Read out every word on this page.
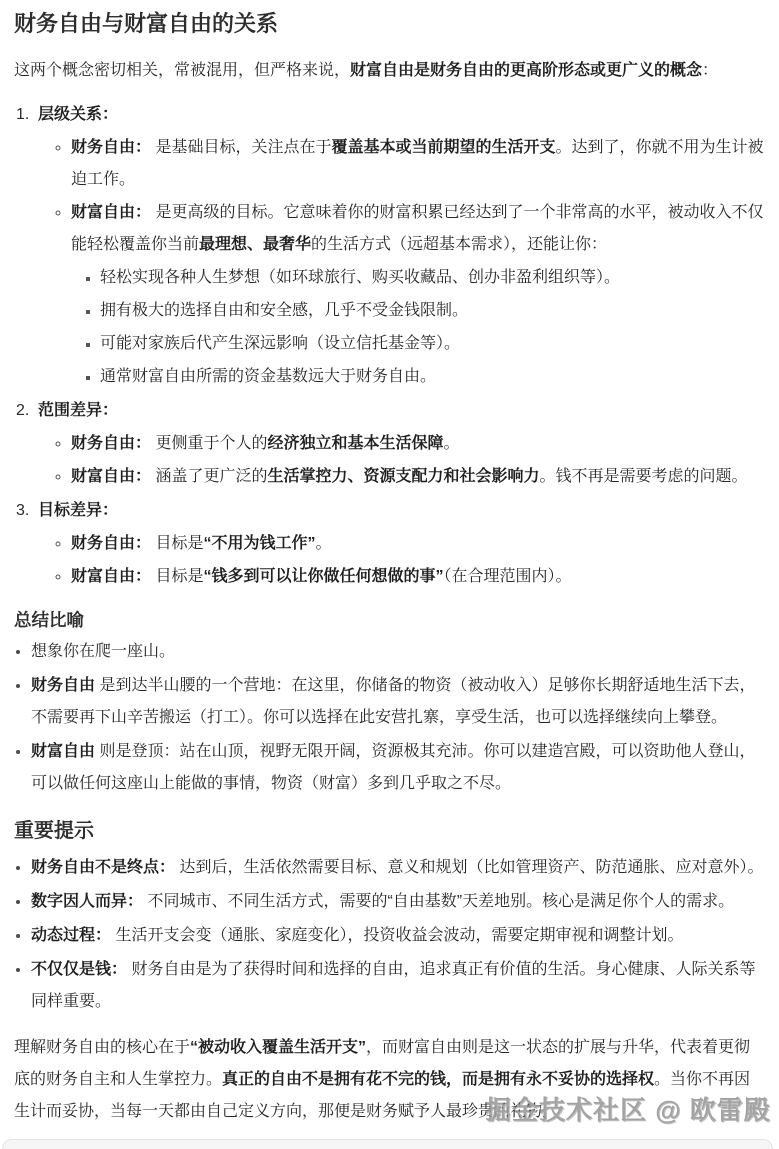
财务自由与财富自由的关系

这两个概念密切相关，常被混用，但严格来说，财富自由是财务自由的更高阶形态或更广义的概念：

1. 层级关系：
◦ 财务自由： 是基础目标，关注点在于覆盖基本或当前期望的生活开支。达到了，你就不用为生计被迫工作。
◦ 财富自由： 是更高级的目标。它意味着你的财富积累已经达到了一个非常高的水平，被动收入不仅能轻松覆盖你当前最理想、最奢华的生活方式（远超基本需求），还能让你：
▪ 轻松实现各种人生梦想（如环球旅行、购买收藏品、创办非盈利组织等）。
▪ 拥有极大的选择自由和安全感，几乎不受金钱限制。
▪ 可能对家族后代产生深远影响（设立信托基金等）。
▪ 通常财富自由所需的资金基数远大于财务自由。
2. 范围差异：
◦ 财务自由： 更侧重于个人的经济独立和基本生活保障。
◦ 财富自由： 涵盖了更广泛的生活掌控力、资源支配力和社会影响力。钱不再是需要考虑的问题。
3. 目标差异：
◦ 财务自由： 目标是“不用为钱工作”。
◦ 财富自由： 目标是“钱多到可以让你做任何想做的事”（在合理范围内）。
总结比喻
• 想象你在爬一座山。
• 财务自由 是到达半山腰的一个营地：在这里，你储备的物资（被动收入）足够你长期舒适地生活下去，不需要再下山辛苦搬运（打工）。你可以选择在此安营扎寨，享受生活，也可以选择继续向上攀登。
• 财富自由 则是登顶：站在山顶，视野无限开阔，资源极其充沛。你可以建造宫殿，可以资助他人登山，可以做任何这座山上能做的事情，物资（财富）多到几乎取之不尽。
重要提示
• 财务自由不是终点： 达到后，生活依然需要目标、意义和规划（比如管理资产、防范通胀、应对意外）。
• 数字因人而异： 不同城市、不同生活方式，需要的“自由基数”天差地别。核心是满足你个人的需求。
• 动态过程： 生活开支会变（通胀、家庭变化），投资收益会波动，需要定期审视和调整计划。
• 不仅仅是钱： 财务自由是为了获得时间和选择的自由，追求真正有价值的生活。身心健康、人际关系等同样重要。

理解财务自由的核心在于“被动收入覆盖生活开支”，而财富自由则是这一状态的扩展与升华，代表着更彻底的财务自主和人生掌控力。真正的自由不是拥有花不完的钱，而是拥有永不妥协的选择权。当你不再因生计而妥协，当每一天都由自己定义方向，那便是财务赋予人最珍贵的礼物。

掘金技术社区 @ 欧雷殿
